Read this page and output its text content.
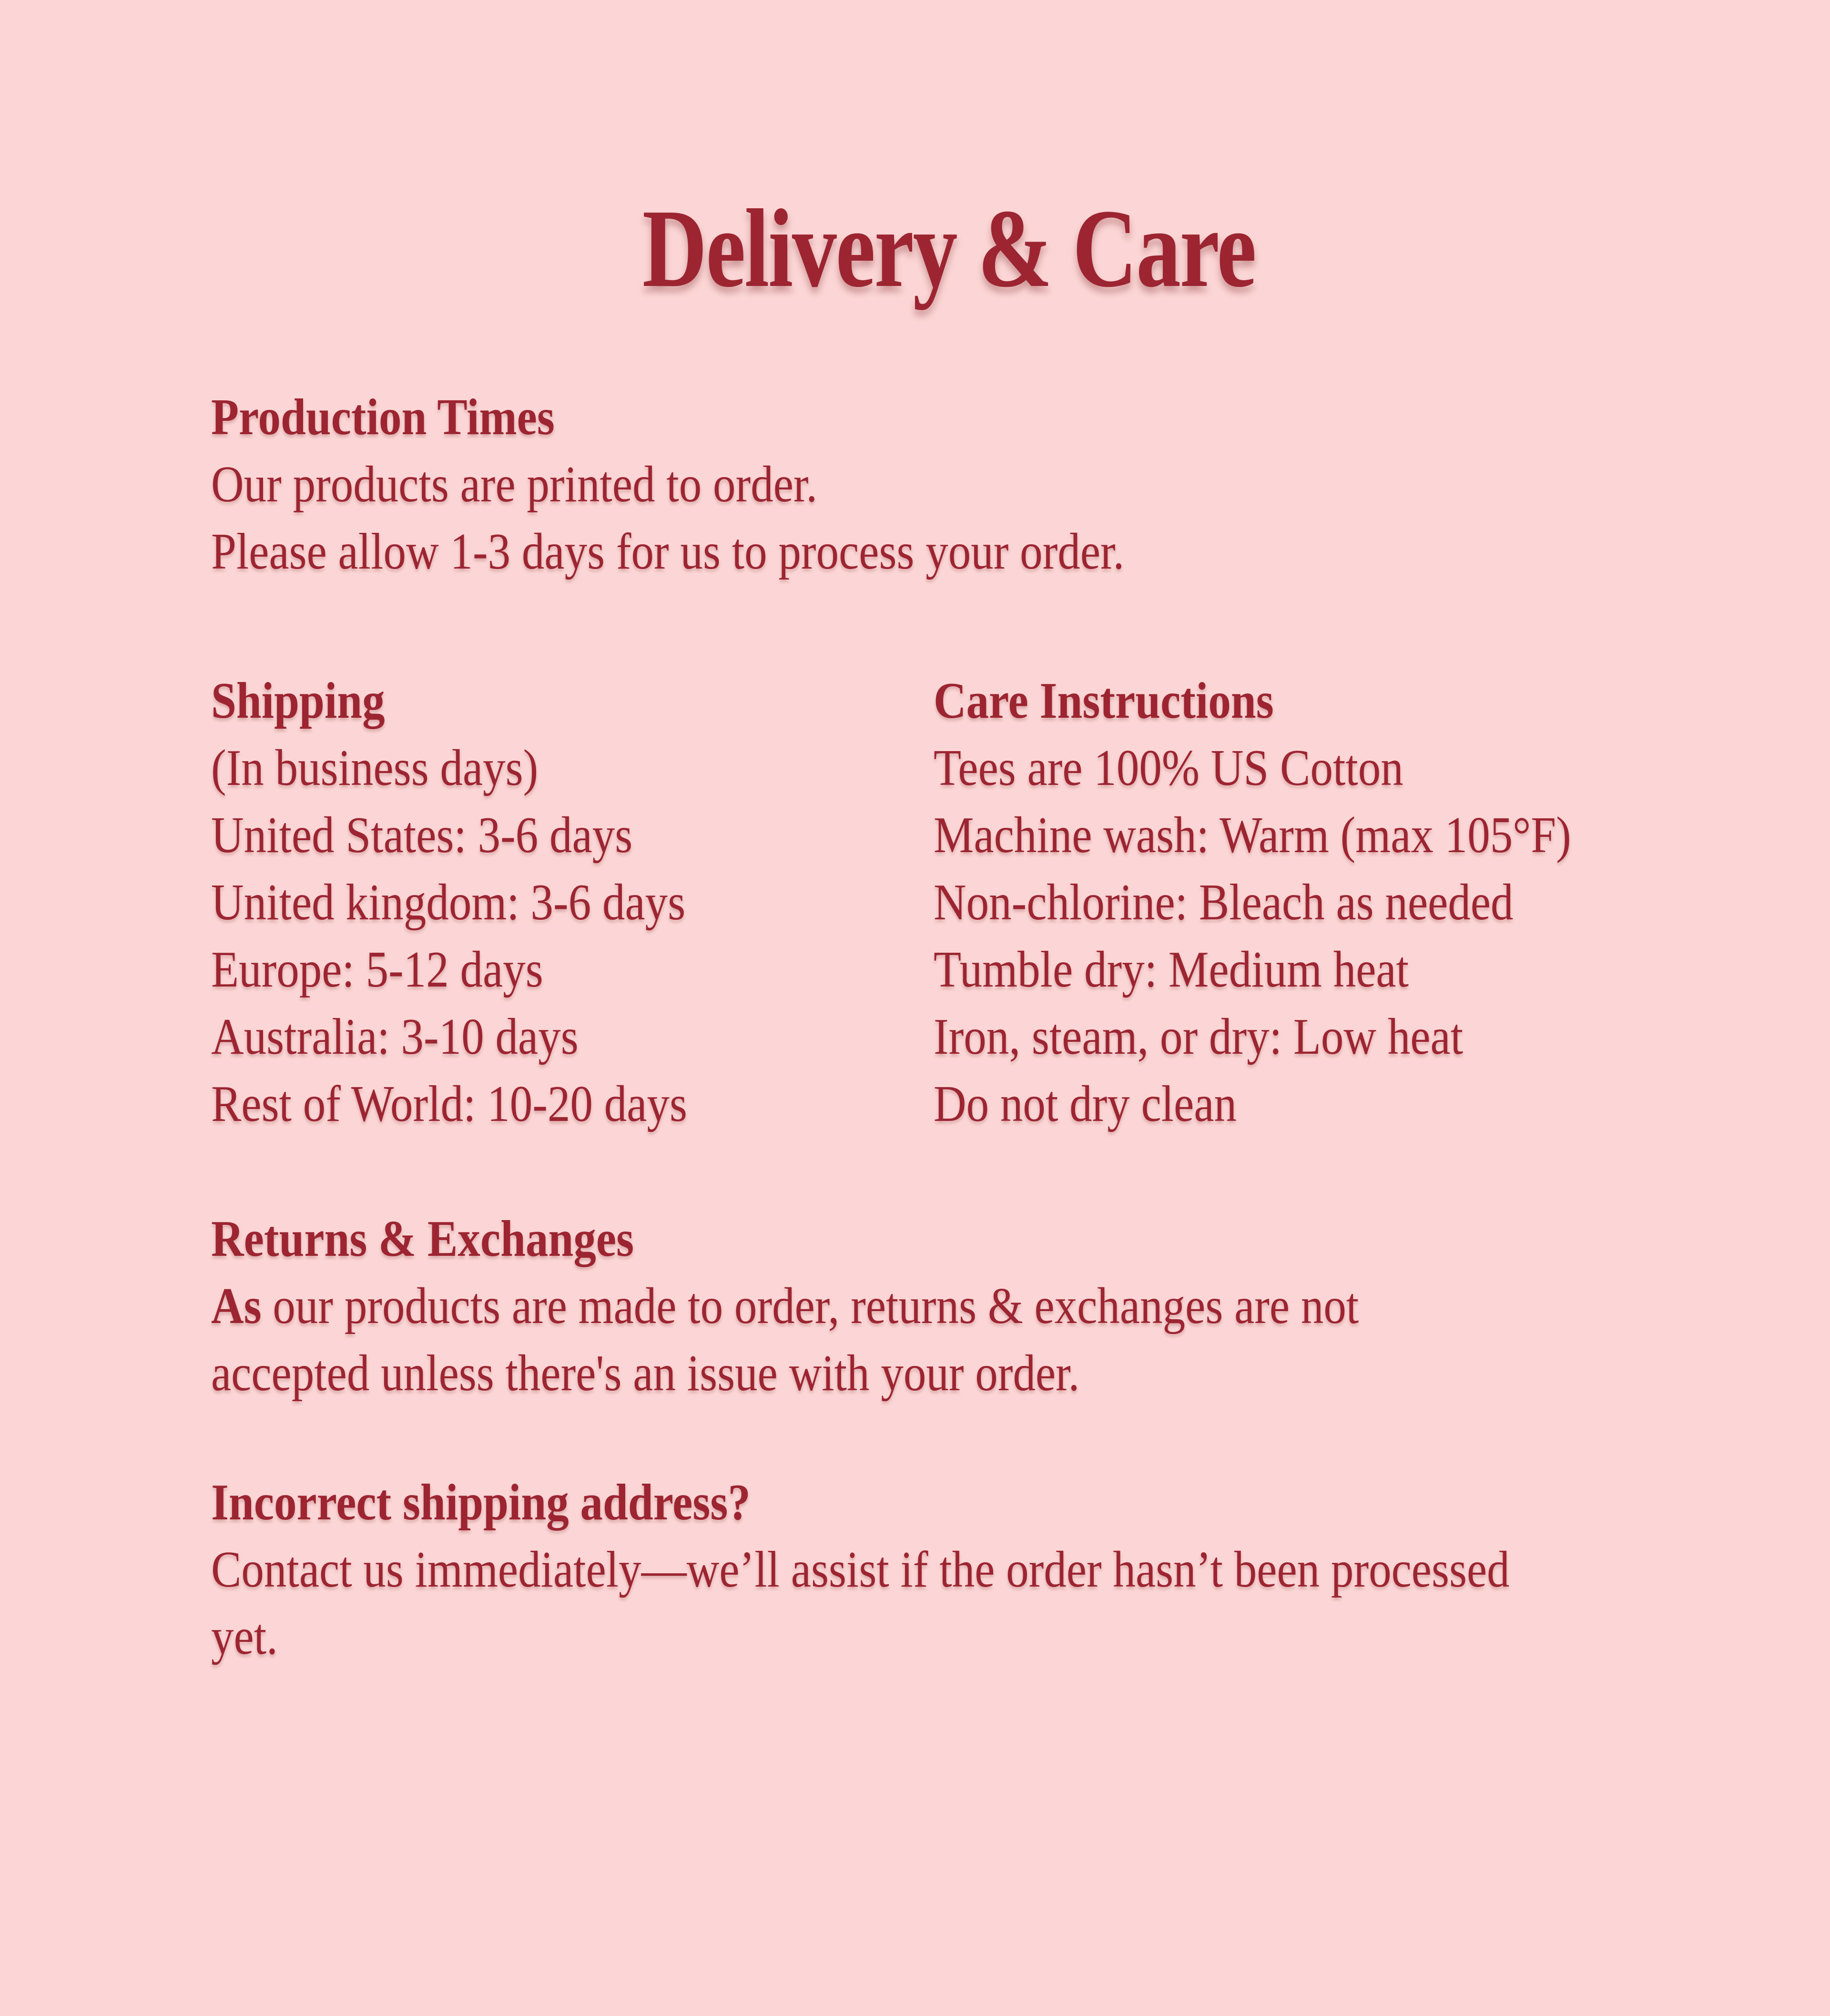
Delivery & Care
Production Times
Our products are printed to order.
Please allow 1-3 days for us to process your order.
Shipping
(In business days)
United States: 3-6 days
United kingdom: 3-6 days
Europe: 5-12 days
Australia: 3-10 days
Rest of World: 10-20 days
Care Instructions
Tees are 100% US Cotton
Machine wash: Warm (max 105°F)
Non-chlorine: Bleach as needed
Tumble dry: Medium heat
Iron, steam, or dry: Low heat
Do not dry clean
Returns & Exchanges
As our products are made to order, returns & exchanges are not
accepted unless there's an issue with your order.
Incorrect shipping address?
Contact us immediately—we’ll assist if the order hasn’t been processed
yet.
